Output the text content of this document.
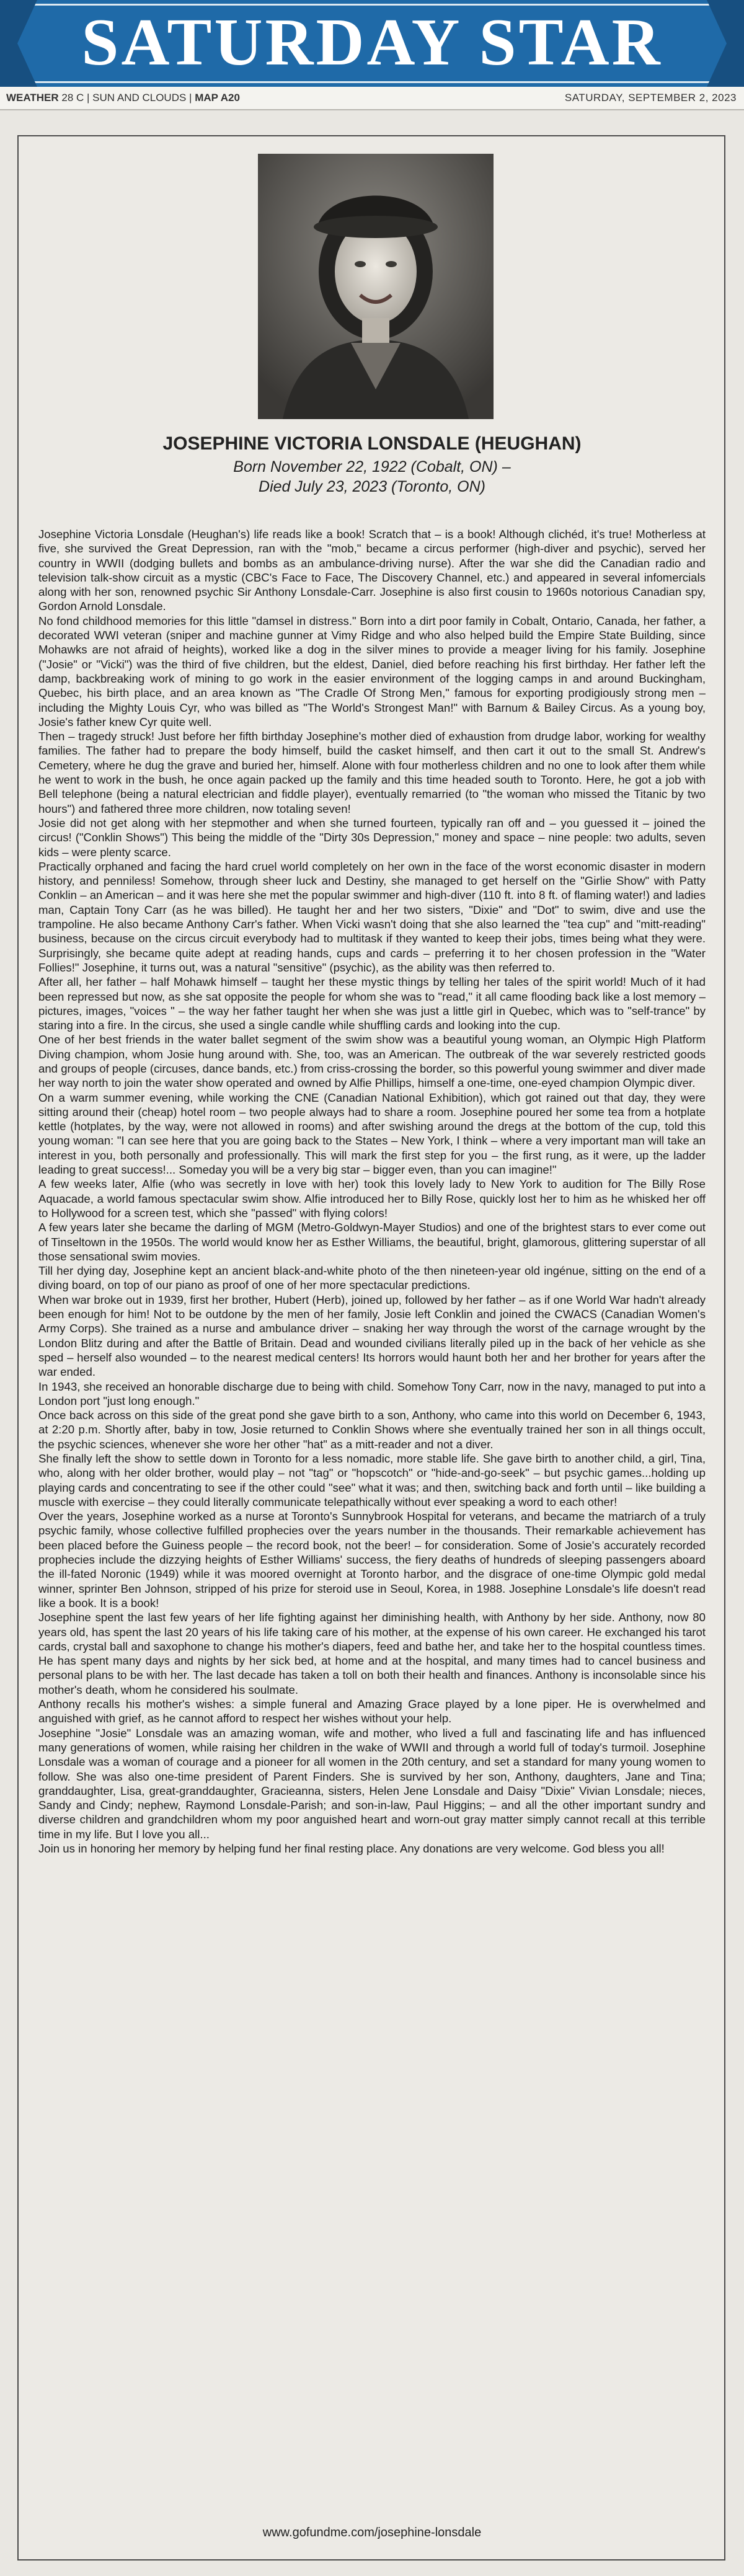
SATURDAY STAR
WEATHER 28 C | SUN AND CLOUDS | MAP A20	SATURDAY, SEPTEMBER 2, 2023
JOSEPHINE VICTORIA LONSDALE (HEUGHAN)
Born November 22, 1922 (Cobalt, ON) –
Died July 23, 2023 (Toronto, ON)

Josephine Victoria Lonsdale (Heughan's) life reads like a book! Scratch that – is a book! Although clichéd, it's true! Motherless at five, she survived the Great Depression, ran with the "mob," became a circus performer (high-diver and psychic), served her country in WWII (dodging bullets and bombs as an ambulance-driving nurse). After the war she did the Canadian radio and television talk-show circuit as a mystic (CBC's Face to Face, The Discovery Channel, etc.) and appeared in several infomercials along with her son, renowned psychic Sir Anthony Lonsdale-Carr. Josephine is also first cousin to 1960s notorious Canadian spy, Gordon Arnold Lonsdale.

No fond childhood memories for this little "damsel in distress." Born into a dirt poor family in Cobalt, Ontario, Canada, her father, a decorated WWI veteran (sniper and machine gunner at Vimy Ridge and who also helped build the Empire State Building, since Mohawks are not afraid of heights), worked like a dog in the silver mines to provide a meager living for his family. Josephine ("Josie" or "Vicki") was the third of five children, but the eldest, Daniel, died before reaching his first birthday. Her father left the damp, backbreaking work of mining to go work in the easier environment of the logging camps in and around Buckingham, Quebec, his birth place, and an area known as "The Cradle Of Strong Men," famous for exporting prodigiously strong men – including the Mighty Louis Cyr, who was billed as "The World's Strongest Man!" with Barnum & Bailey Circus. As a young boy, Josie's father knew Cyr quite well.

Then – tragedy struck! Just before her fifth birthday Josephine's mother died of exhaustion from drudge labor, working for wealthy families. The father had to prepare the body himself, build the casket himself, and then cart it out to the small St. Andrew's Cemetery, where he dug the grave and buried her, himself. Alone with four motherless children and no one to look after them while he went to work in the bush, he once again packed up the family and this time headed south to Toronto. Here, he got a job with Bell telephone (being a natural electrician and fiddle player), eventually remarried (to "the woman who missed the Titanic by two hours") and fathered three more children, now totaling seven!

Josie did not get along with her stepmother and when she turned fourteen, typically ran off and – you guessed it – joined the circus! ("Conklin Shows") This being the middle of the "Dirty 30s Depression," money and space – nine people: two adults, seven kids – were plenty scarce.

Practically orphaned and facing the hard cruel world completely on her own in the face of the worst economic disaster in modern history, and penniless! Somehow, through sheer luck and Destiny, she managed to get herself on the "Girlie Show" with Patty Conklin – an American – and it was here she met the popular swimmer and high-diver (110 ft. into 8 ft. of flaming water!) and ladies man, Captain Tony Carr (as he was billed). He taught her and her two sisters, "Dixie" and "Dot" to swim, dive and use the trampoline. He also became Anthony Carr's father. When Vicki wasn't doing that she also learned the "tea cup" and "mitt-reading" business, because on the circus circuit everybody had to multitask if they wanted to keep their jobs, times being what they were. Surprisingly, she became quite adept at reading hands, cups and cards – preferring it to her chosen profession in the "Water Follies!" Josephine, it turns out, was a natural "sensitive" (psychic), as the ability was then referred to.

After all, her father – half Mohawk himself – taught her these mystic things by telling her tales of the spirit world! Much of it had been repressed but now, as she sat opposite the people for whom she was to "read," it all came flooding back like a lost memory – pictures, images, "voices " – the way her father taught her when she was just a little girl in Quebec, which was to "self-trance" by staring into a fire. In the circus, she used a single candle while shuffling cards and looking into the cup.

One of her best friends in the water ballet segment of the swim show was a beautiful young woman, an Olympic High Platform Diving champion, whom Josie hung around with. She, too, was an American. The outbreak of the war severely restricted goods and groups of people (circuses, dance bands, etc.) from criss-crossing the border, so this powerful young swimmer and diver made her way north to join the water show operated and owned by Alfie Phillips, himself a one-time, one-eyed champion Olympic diver.

On a warm summer evening, while working the CNE (Canadian National Exhibition), which got rained out that day, they were sitting around their (cheap) hotel room – two people always had to share a room. Josephine poured her some tea from a hotplate kettle (hotplates, by the way, were not allowed in rooms) and after swishing around the dregs at the bottom of the cup, told this young woman: "I can see here that you are going back to the States – New York, I think – where a very important man will take an interest in you, both personally and professionally. This will mark the first step for you – the first rung, as it were, up the ladder leading to great success!... Someday you will be a very big star – bigger even, than you can imagine!"

A few weeks later, Alfie (who was secretly in love with her) took this lovely lady to New York to audition for The Billy Rose Aquacade, a world famous spectacular swim show. Alfie introduced her to Billy Rose, quickly lost her to him as he whisked her off to Hollywood for a screen test, which she "passed" with flying colors!

A few years later she became the darling of MGM (Metro-Goldwyn-Mayer Studios) and one of the brightest stars to ever come out of Tinseltown in the 1950s. The world would know her as Esther Williams, the beautiful, bright, glamorous, glittering superstar of all those sensational swim movies.

Till her dying day, Josephine kept an ancient black-and-white photo of the then nineteen-year old ingénue, sitting on the end of a diving board, on top of our piano as proof of one of her more spectacular predictions.

When war broke out in 1939, first her brother, Hubert (Herb), joined up, followed by her father – as if one World War hadn't already been enough for him! Not to be outdone by the men of her family, Josie left Conklin and joined the CWACS (Canadian Women's Army Corps). She trained as a nurse and ambulance driver – snaking her way through the worst of the carnage wrought by the London Blitz during and after the Battle of Britain. Dead and wounded civilians literally piled up in the back of her vehicle as she sped – herself also wounded – to the nearest medical centers! Its horrors would haunt both her and her brother for years after the war ended.

In 1943, she received an honorable discharge due to being with child. Somehow Tony Carr, now in the navy, managed to put into a London port "just long enough."

Once back across on this side of the great pond she gave birth to a son, Anthony, who came into this world on December 6, 1943, at 2:20 p.m. Shortly after, baby in tow, Josie returned to Conklin Shows where she eventually trained her son in all things occult, the psychic sciences, whenever she wore her other "hat" as a mitt-reader and not a diver.

She finally left the show to settle down in Toronto for a less nomadic, more stable life. She gave birth to another child, a girl, Tina, who, along with her older brother, would play – not "tag" or "hopscotch" or "hide-and-go-seek" – but psychic games...holding up playing cards and concentrating to see if the other could "see" what it was; and then, switching back and forth until – like building a muscle with exercise – they could literally communicate telepathically without ever speaking a word to each other!

Over the years, Josephine worked as a nurse at Toronto's Sunnybrook Hospital for veterans, and became the matriarch of a truly psychic family, whose collective fulfilled prophecies over the years number in the thousands. Their remarkable achievement has been placed before the Guiness people – the record book, not the beer! – for consideration. Some of Josie's accurately recorded prophecies include the dizzying heights of Esther Williams' success, the fiery deaths of hundreds of sleeping passengers aboard the ill-fated Noronic (1949) while it was moored overnight at Toronto harbor, and the disgrace of one-time Olympic gold medal winner, sprinter Ben Johnson, stripped of his prize for steroid use in Seoul, Korea, in 1988. Josephine Lonsdale's life doesn't read like a book. It is a book!

Josephine spent the last few years of her life fighting against her diminishing health, with Anthony by her side. Anthony, now 80 years old, has spent the last 20 years of his life taking care of his mother, at the expense of his own career. He exchanged his tarot cards, crystal ball and saxophone to change his mother's diapers, feed and bathe her, and take her to the hospital countless times. He has spent many days and nights by her sick bed, at home and at the hospital, and many times had to cancel business and personal plans to be with her. The last decade has taken a toll on both their health and finances. Anthony is inconsolable since his mother's death, whom he considered his soulmate.

Anthony recalls his mother's wishes: a simple funeral and Amazing Grace played by a lone piper. He is overwhelmed and anguished with grief, as he cannot afford to respect her wishes without your help.

Josephine "Josie" Lonsdale was an amazing woman, wife and mother, who lived a full and fascinating life and has influenced many generations of women, while raising her children in the wake of WWII and through a world full of today's turmoil. Josephine Lonsdale was a woman of courage and a pioneer for all women in the 20th century, and set a standard for many young women to follow. She was also one-time president of Parent Finders. She is survived by her son, Anthony, daughters, Jane and Tina; granddaughter, Lisa, great-granddaughter, Gracieanna, sisters, Helen Jene Lonsdale and Daisy "Dixie" Vivian Lonsdale; nieces, Sandy and Cindy; nephew, Raymond Lonsdale-Parish; and son-in-law, Paul Higgins; – and all the other important sundry and diverse children and grandchildren whom my poor anguished heart and worn-out gray matter simply cannot recall at this terrible time in my life. But I love you all...

Join us in honoring her memory by helping fund her final resting place. Any donations are very welcome. God bless you all!

www.gofundme.com/josephine-lonsdale
